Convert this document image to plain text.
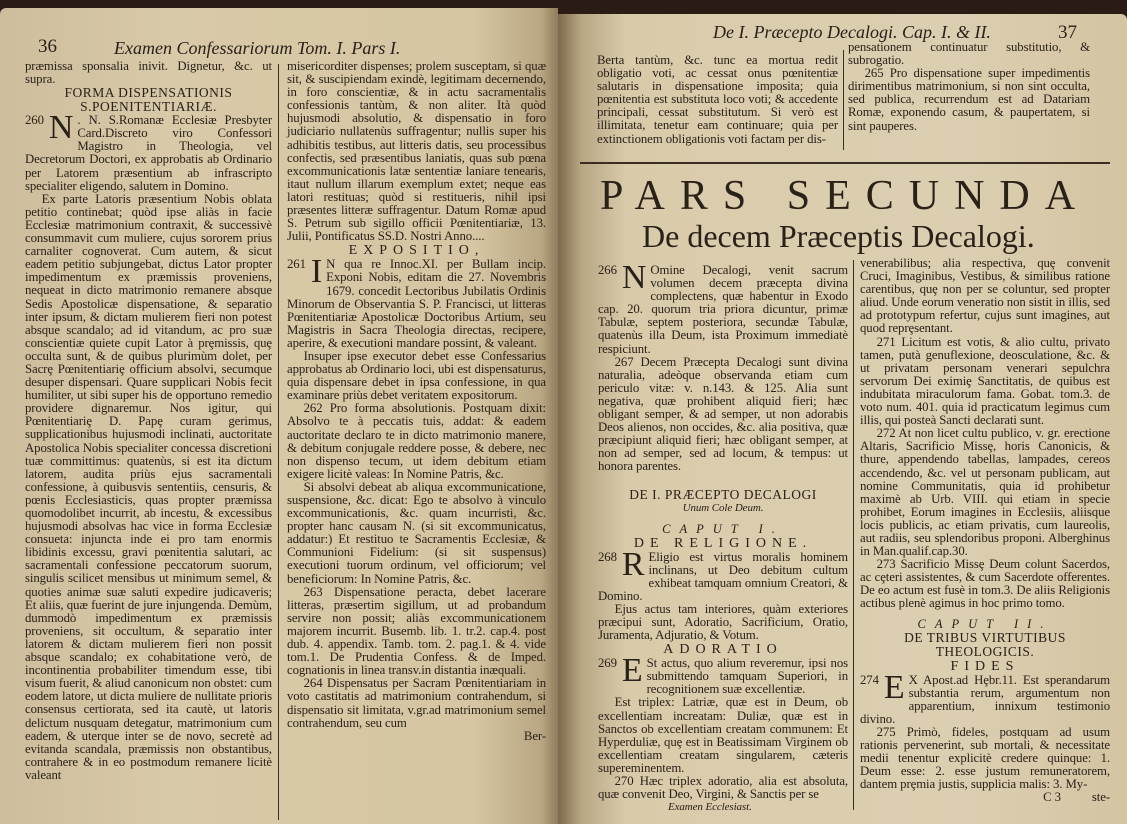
36	Examen Confessariorum Tom. I. Pars I.

præmissa sponsalia inivit. Dignetur, &c. ut supra.

FORMA DISPENSATIONIS

S.POENITENTIARIÆ.

260 N . N. S.Romanæ Ecclesiæ Presbyter Card.Discreto viro Confessori Magistro in Theologia, vel Decretorum Doctori, ex approbatis ab Ordinario per Latorem præsentium ab infrascripto specialiter eligendo, salutem in Domino.

Ex parte Latoris præsentium Nobis oblata petitio continebat; quòd ipse aliàs in facie Ecclesiæ matrimonium contraxit, & successivè consummavit cum muliere, cujus sororem prius carnaliter cognoverat. Cum autem, & sicut eadem petitio subjungebat, dictus Lator propter impedimentum ex præmissis proveniens, nequeat in dicto matrimonio remanere absque Sedis Apostolicæ dispensatione, & separatio inter ipsum, & dictam mulierem fieri non potest absque scandalo; ad id vitandum, ac pro suæ conscientiæ quiete cupit Lator à prȩmissis, quȩ occulta sunt, & de quibus plurimùm dolet, per Sacrȩ Pœnitentiariȩ officium absolvi, secumque desuper dispensari. Quare supplicari Nobis fecit humiliter, ut sibi super his de opportuno remedio providere dignaremur. Nos igitur, qui Pœnitentiariȩ D. Papȩ curam gerimus, supplicationibus hujusmodi inclinati, auctoritate Apostolica Nobis specialiter concessa discretioni tuæ committimus: quatenùs, si est ita dictum latorem, audita priùs ejus sacramentali confessione, à quibusvis sententiis, censuris, & pœnis Ecclesiasticis, quas propter præmissa quomodolibet incurrit, ab incestu, & excessibus hujusmodi absolvas hac vice in forma Ecclesiæ consueta: injuncta inde ei pro tam enormis libidinis excessu, gravi pœnitentia salutari, ac sacramentali confessione peccatorum suorum, singulis scilicet mensibus ut minimum semel, & quoties animæ suæ saluti expedire judicaveris; Et aliis, quæ fuerint de jure injungenda. Demùm, dummodò impedimentum ex præmissis proveniens, sit occultum, & separatio inter latorem & dictam mulierem fieri non possit absque scandalo; ex cohabitatione verò, de incontinentia probabiliter timendum esse, tibi visum fuerit, & aliud canonicum non obstet: cum eodem latore, ut dicta muliere de nullitate prioris consensus certiorata, sed ita cautè, ut latoris delictum nusquam detegatur, matrimonium cum eadem, & uterque inter se de novo, secretè ad evitanda scandala, præmissis non obstantibus, contrahere & in eo postmodum remanere licitè valeant

misericorditer dispenses; prolem susceptam, si quæ sit, & suscipiendam exindè, legitimam decernendo, in foro conscientiæ, & in actu sacramentalis confessionis tantùm, & non aliter. Ità quòd hujusmodi absolutio, & dispensatio in foro judiciario nullatenùs suffragentur; nullis super his adhibitis testibus, aut litteris datis, seu processibus confectis, sed præsentibus laniatis, quas sub pœna excommunicationis latæ sententiæ laniare tenearis, itaut nullum illarum exemplum extet; neque eas latori restituas; quòd si restitueris, nihil ipsi præsentes litteræ suffragentur. Datum Romæ apud S. Petrum sub sigillo officii Pœnitentiariæ, 13. Julii, Pontificatus SS.D. Nostri Anno....

EXPOSITIO,

261 I N qua re Innoc.XI. per Bullam incip. Exponi Nobis, editam die 27. Novembris 1679. concedit Lectoribus Jubilatis Ordinis Minorum de Observantia S. P. Francisci, ut litteras Pœnitentiariæ Apostolicæ Doctoribus Artium, seu Magistris in Sacra Theologia directas, recipere, aperire, & executioni mandare possint, & valeant.

Insuper ipse executor debet esse Confessarius approbatus ab Ordinario loci, ubi est dispensaturus, quia dispensare debet in ipsa confessione, in qua examinare priùs debet veritatem expositorum.

262 Pro forma absolutionis. Postquam dixit: Absolvo te à peccatis tuis, addat: & eadem auctoritate declaro te in dicto matrimonio manere, & debitum conjugale reddere posse, & debere, nec non dispenso tecum, ut idem debitum etiam exigere licitè valeas: In Nomine Patris, &c.

Si absolvi debeat ab aliqua excommunicatione, suspensione, &c. dicat: Ego te absolvo à vinculo excommunicationis, &c. quam incurristi, &c. propter hanc causam N. (si sit excommunicatus, addatur:) Et restituo te Sacramentis Ecclesiæ, & Communioni Fidelium: (si sit suspensus) executioni tuorum ordinum, vel officiorum; vel beneficiorum: In Nomine Patris, &c.

263 Dispensatione peracta, debet lacerare litteras, præsertim sigillum, ut ad probandum servire non possit; aliàs excommunicationem majorem incurrit. Busemb. lib. 1. tr.2. cap.4. post dub. 4. appendix. Tamb. tom. 2. pag.1. & 4. vide tom.1. De Prudentia Confess. & de Imped. cognationis in linea transv.in distantia inæquali.

264 Dispensatus per Sacram Pœnitentiariam in voto castitatis ad matrimonium contrahendum, si dispensatio sit limitata, v.gr.ad matrimonium semel contrahendum, seu cum

Ber-

De I. Præcepto Decalogi. Cap. I. & II.	37

Berta tantùm, &c. tunc ea mortua redit obligatio voti, ac cessat onus pœnitentiæ salutaris in dispensatione imposita; quia pœnitentia est substituta loco voti; & accedente principali, cessat substitutum. Si verò est illimitata, tenetur eam continuare; quia per extinctionem obligationis voti factam per dis-

pensationem continuatur substitutio, & subrogatio.

265 Pro dispensatione super impedimentis dirimentibus matrimonium, si non sint occulta, sed publica, recurrendum est ad Datariam Romæ, exponendo casum, & paupertatem, si sint pauperes.

266 N Omine Decalogi, venit sacrum volumen decem præcepta divina complectens, quæ habentur in Exodo cap. 20. quorum tria priora dicuntur, primæ Tabulæ, septem posteriora, secundæ Tabulæ, quatenùs illa Deum, ista Proximum immediatè respiciunt.

267 Decem Præcepta Decalogi sunt divina naturalia, adeòque observanda etiam cum periculo vitæ: v. n.143. & 125. Alia sunt negativa, quæ prohibent aliquid fieri; hæc obligant semper, & ad semper, ut non adorabis Deos alienos, non occides, &c. alia positiva, quæ præcipiunt aliquid fieri; hæc obligant semper, at non ad semper, sed ad locum, & tempus: ut honora parentes.

DE I. PRÆCEPTO DECALOGI

Unum Cole Deum.

CAPUT I.

DE RELIGIONE.

268 R Eligio est virtus moralis hominem inclinans, ut Deo debitum cultum exhibeat tamquam omnium Creatori, & Domino.

Ejus actus tam interiores, quàm exteriores præcipui sunt, Adoratio, Sacrificium, Oratio, Juramenta, Adjuratio, & Votum.

ADORATIO

269 E St actus, quo alium reveremur, ipsi nos submittendo tamquam Superiori, in recognitionem suæ excellentiæ.

Est triplex: Latriæ, quæ est in Deum, ob excellentiam increatam: Duliæ, quæ est in Sanctos ob excellentiam creatam communem: Et Hyperduliæ, quȩ est in Beatissimam Virginem ob excellentiam creatam singularem, cæteris supereminentem.

270 Hæc triplex adoratio, alia est absoluta, quæ convenit Deo, Virgini, & Sanctis per se

Examen Ecclesiast.

venerabilibus; alia respectiva, quȩ convenit Cruci, Imaginibus, Vestibus, & similibus ratione carentibus, quȩ non per se coluntur, sed propter aliud. Unde eorum veneratio non sistit in illis, sed ad prototypum refertur, cujus sunt imagines, aut quod reprȩsentant.

271 Licitum est votis, & alio cultu, privato tamen, putà genuflexione, deosculatione, &c. & ut privatam personam venerari sepulchra servorum Dei eximiȩ Sanctitatis, de quibus est indubitata miraculorum fama. Gobat. tom.3. de voto num. 401. quia id practicatum legimus cum illis, qui posteà Sancti declarati sunt.

272 At non licet cultu publico, v. gr. erectione Altaris, Sacrificio Missȩ, horis Canonicis, & thure, appendendo tabellas, lampades, cereos accendendo, &c. vel ut personam publicam, aut nomine Communitatis, quia id prohibetur maximè ab Urb. VIII. qui etiam in specie prohibet, Eorum imagines in Ecclesiis, aliisque locis publicis, ac etiam privatis, cum laureolis, aut radiis, seu splendoribus proponi. Alberghinus in Man.qualif.cap.30.

273 Sacrificio Missȩ Deum colunt Sacerdos, ac cȩteri assistentes, & cum Sacerdote offerentes. De eo actum est fusè in tom.3. De aliis Religionis actibus plenè agimus in hoc primo tomo.

CAPUT II.

DE TRIBUS VIRTUTIBUS THEOLOGICIS.

FIDES

274 E X Apost.ad Hȩbr.11. Est sperandarum substantia rerum, argumentum non apparentium, innixum testimonio divino.

275 Primò, fideles, postquam ad usum rationis pervenerint, sub mortali, & necessitate medii tenentur explicitè credere quinque: 1. Deum esse: 2. esse justum remuneratorem, dantem prȩmia justis, supplicia malis: 3. My-

C 3          ste-

PARS SECUNDA
De decem Præceptis Decalogi.
